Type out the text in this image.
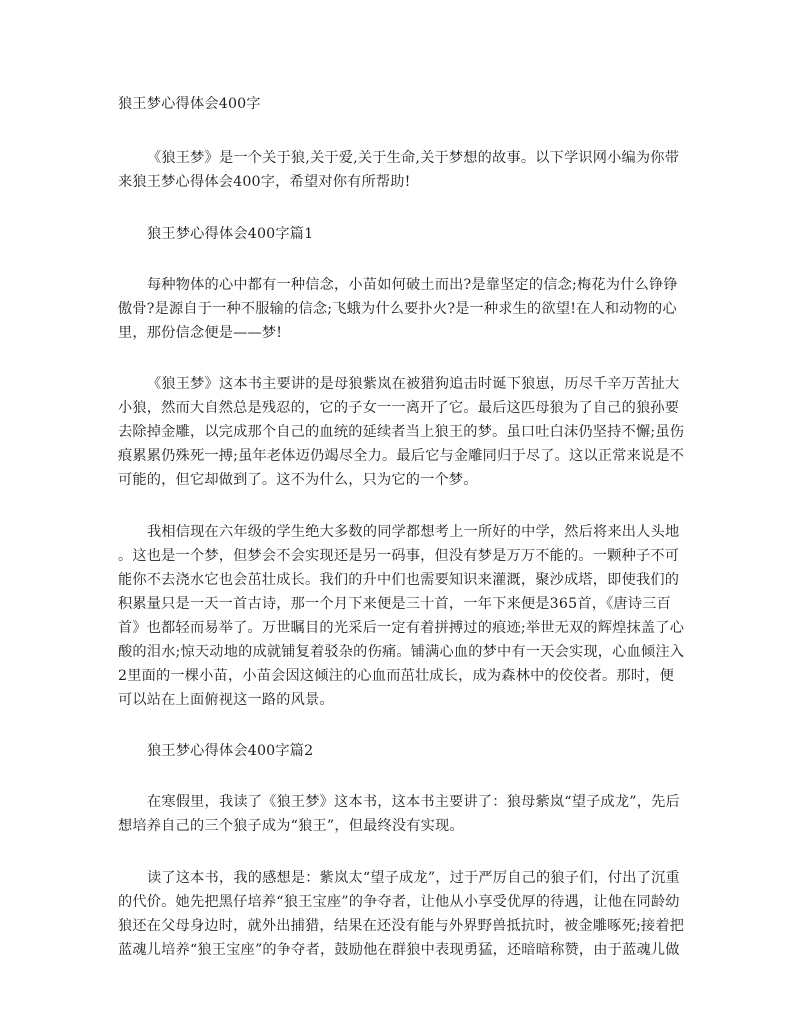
狼王梦心得体会400字
《狼王梦》是一个关于狼,关于爱,关于生命,关于梦想的故事。以下学识网小编为你带
来狼王梦心得体会400字，希望对你有所帮助!
狼王梦心得体会400字篇1
每种物体的心中都有一种信念，小苗如何破土而出?是靠坚定的信念;梅花为什么铮铮
傲骨?是源自于一种不服输的信念;飞蛾为什么要扑火?是一种求生的欲望!在人和动物的心
里，那份信念便是——梦!
《狼王梦》这本书主要讲的是母狼紫岚在被猎狗追击时诞下狼崽，历尽千辛万苦扯大
小狼，然而大自然总是残忍的，它的子女一一离开了它。最后这匹母狼为了自己的狼孙要
去除掉金雕，以完成那个自己的血统的延续者当上狼王的梦。虽口吐白沫仍坚持不懈;虽伤
痕累累仍殊死一搏;虽年老体迈仍竭尽全力。最后它与金雕同归于尽了。这以正常来说是不
可能的，但它却做到了。这不为什么，只为它的一个梦。
我相信现在六年级的学生绝大多数的同学都想考上一所好的中学，然后将来出人头地
。这也是一个梦，但梦会不会实现还是另一码事，但没有梦是万万不能的。一颗种子不可
能你不去浇水它也会茁壮成长。我们的升中们也需要知识来灌溉，聚沙成塔，即使我们的
积累量只是一天一首古诗，那一个月下来便是三十首，一年下来便是365首，《唐诗三百
首》也都轻而易举了。万世瞩目的光采后一定有着拼搏过的痕迹;举世无双的辉煌抹盖了心
酸的泪水;惊天动地的成就铺复着驳杂的伤痛。铺满心血的梦中有一天会实现，心血倾注入
2里面的一棵小苗，小苗会因这倾注的心血而茁壮成长，成为森林中的佼佼者。那时，便
可以站在上面俯视这一路的风景。
狼王梦心得体会400字篇2
在寒假里，我读了《狼王梦》这本书，这本书主要讲了：狼母紫岚“望子成龙”，先后
想培养自己的三个狼子成为“狼王”，但最终没有实现。
读了这本书，我的感想是：紫岚太“望子成龙”，过于严厉自己的狼子们，付出了沉重
的代价。她先把黑仔培养“狼王宝座”的争夺者，让他从小享受优厚的待遇，让他在同龄幼
狼还在父母身边时，就外出捕猎，结果在还没有能与外界野兽抵抗时，被金雕啄死;接着把
蓝魂儿培养“狼王宝座”的争夺者，鼓励他在群狼中表现勇猛，还暗暗称赞，由于蓝魂儿做
